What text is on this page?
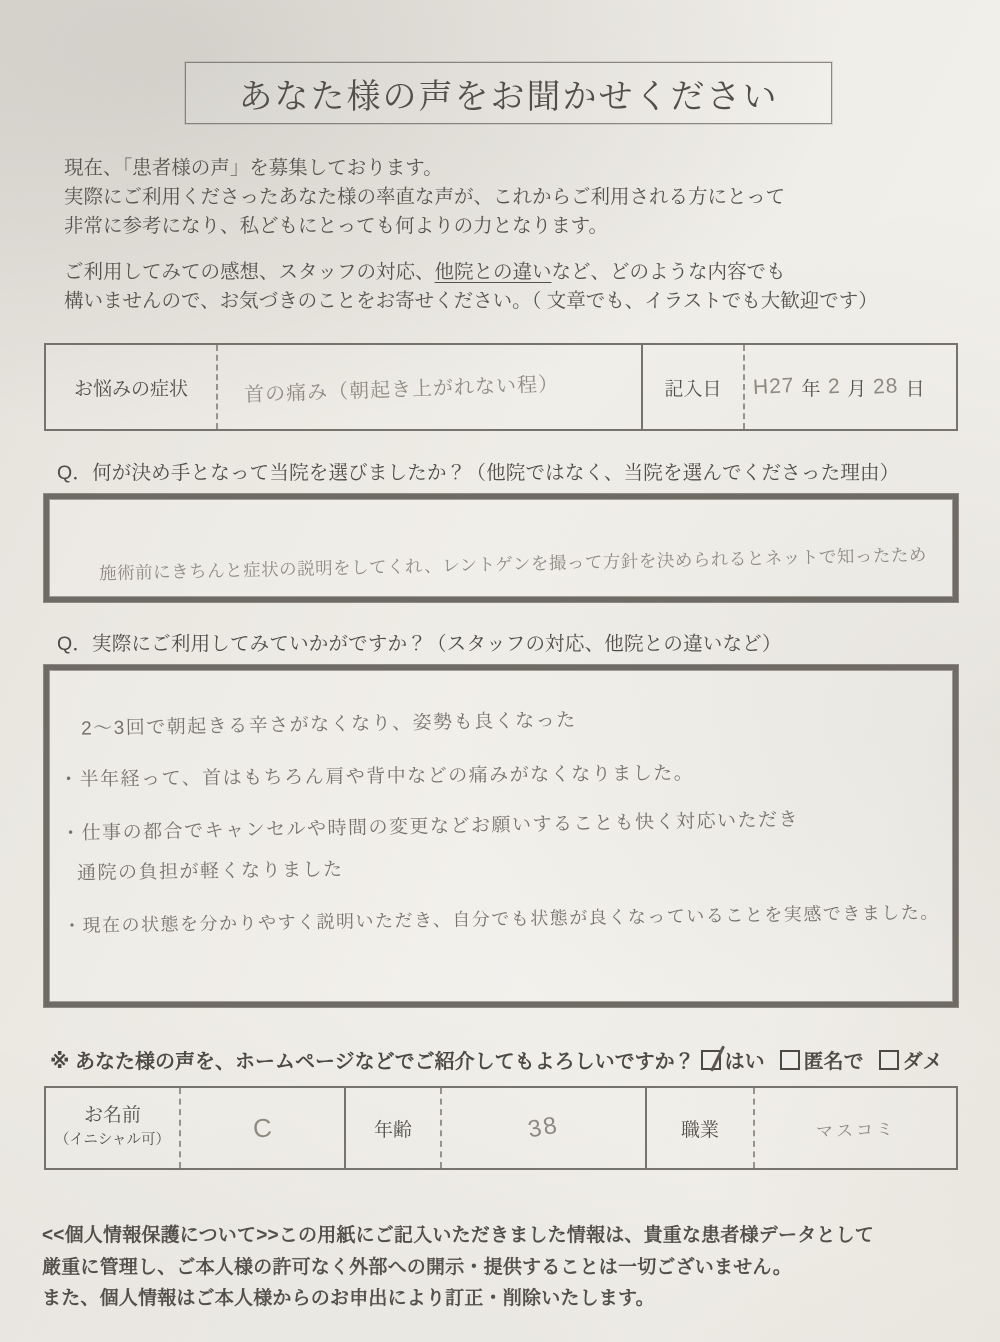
あなた様の声をお聞かせください
現在、「患者様の声」を募集しております。
実際にご利用くださったあなた様の率直な声が、これからご利用される方にとって
非常に参考になり、私どもにとっても何よりの力となります。
ご利用してみての感想、スタッフの対応、他院との違いなど、どのような内容でも
構いませんので、お気づきのことをお寄せください。（ 文章でも、イラストでも大歓迎です）
お悩みの症状	首の痛み（朝起き上がれない程）	記入日	H27 年 2 月 28 日
Q．何が決め手となって当院を選びましたか？（他院ではなく、当院を選んでくださった理由）
施術前にきちんと症状の説明をしてくれ、レントゲンを撮って方針を決められるとネットで知ったため
Q．実際にご利用してみていかがですか？（スタッフの対応、他院との違いなど）
2〜3回で朝起きる辛さがなくなり、姿勢も良くなった
・半年経って、首はもちろん肩や背中などの痛みがなくなりました。
・仕事の都合でキャンセルや時間の変更などお願いすることも快く対応いただき
通院の負担が軽くなりました
・現在の状態を分かりやすく説明いただき、自分でも状態が良くなっていることを実感できました。
※ あなた様の声を、ホームページなどでご紹介してもよろしいですか？ はい 匿名で ダメ
お名前
（イニシャル可）	C	年齢	38	職業	マスコミ
<<個人情報保護について>>この用紙にご記入いただきました情報は、貴重な患者様データとして
厳重に管理し、ご本人様の許可なく外部への開示・提供することは一切ございません。
また、個人情報はご本人様からのお申出により訂正・削除いたします。
